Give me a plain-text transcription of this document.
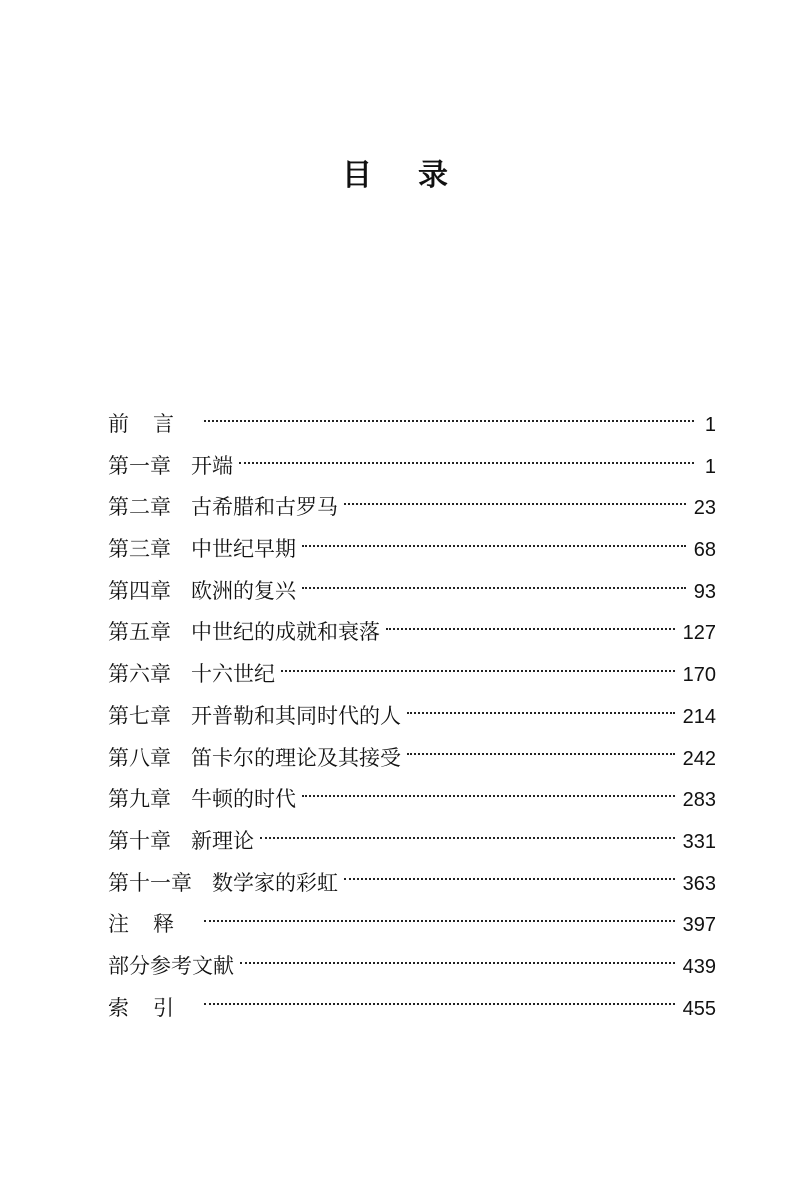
目录
前言	1
第一章 开端	1
第二章 古希腊和古罗马	23
第三章 中世纪早期	68
第四章 欧洲的复兴	93
第五章 中世纪的成就和衰落	127
第六章 十六世纪	170
第七章 开普勒和其同时代的人	214
第八章 笛卡尔的理论及其接受	242
第九章 牛顿的时代	283
第十章 新理论	331
第十一章 数学家的彩虹	363
注释	397
部分参考文献	439
索引	455
